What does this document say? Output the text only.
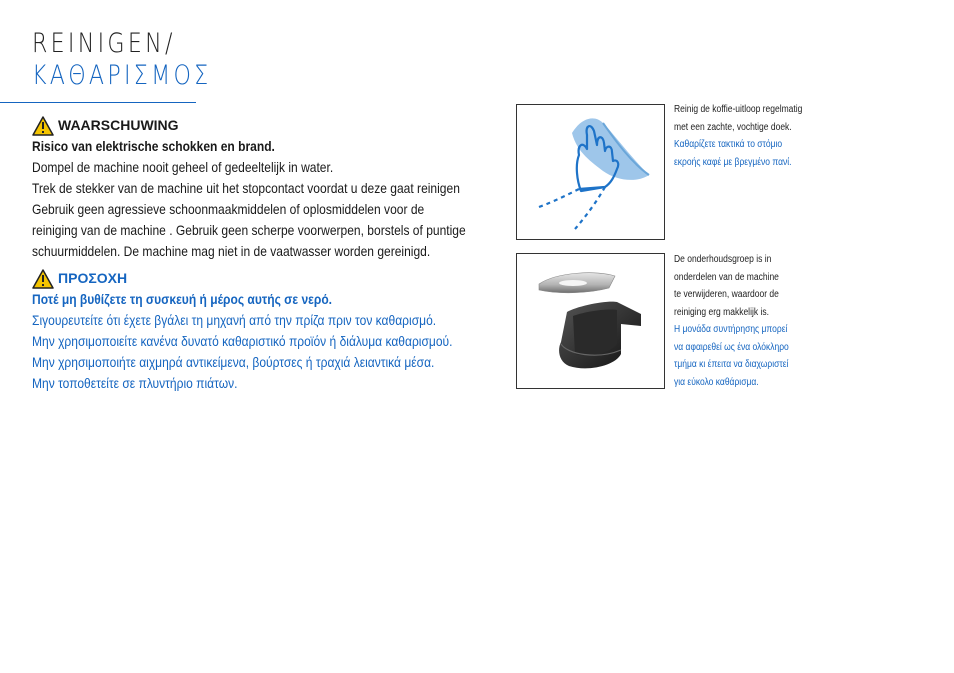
REINIGEN/
ΚΑΘΑΡΙΣΜΟΣ
WAARSCHUWING
Risico van elektrische schokken en brand.
Dompel de machine nooit geheel of gedeeltelijk in water.
Trek de stekker van de machine uit het stopcontact voordat u deze gaat reinigen
Gebruik geen agressieve schoonmaakmiddelen of oplosmiddelen voor de
reiniging van de machine . Gebruik geen scherpe voorwerpen, borstels of puntige
schuurmiddelen. De machine mag niet in de vaatwasser worden gereinigd.
ΠΡΟΣΟΧΗ
Ποτέ μη βυθίζετε τη συσκευή ή μέρος αυτής σε νερό.
Σιγουρευτείτε ότι έχετε βγάλει τη μηχανή από την πρίζα πριν τον καθαρισμό.
Μην χρησιμοποιείτε κανένα δυνατό καθαριστικό προϊόν ή διάλυμα καθαρισμού.
Μην χρησιμοποιήτε αιχμηρά αντικείμενα, βούρτσες ή τραχιά λειαντικά μέσα.
Μην τοποθετείτε σε πλυντήριο πιάτων.
Reinig de koffie-uitloop regelmatig
met een zachte, vochtige doek.
Καθαρίζετε τακτικά το στόμιο
εκροής καφέ με βρεγμένο πανί.
De onderhoudsgroep is in
onderdelen van de machine
te verwijderen, waardoor de
reiniging erg makkelijk is.
Η μονάδα συντήρησης μπορεί
να αφαιρεθεί ως ένα ολόκληρο
τμήμα κι έπειτα να διαχωριστεί
για εύκολο καθάρισμα.
